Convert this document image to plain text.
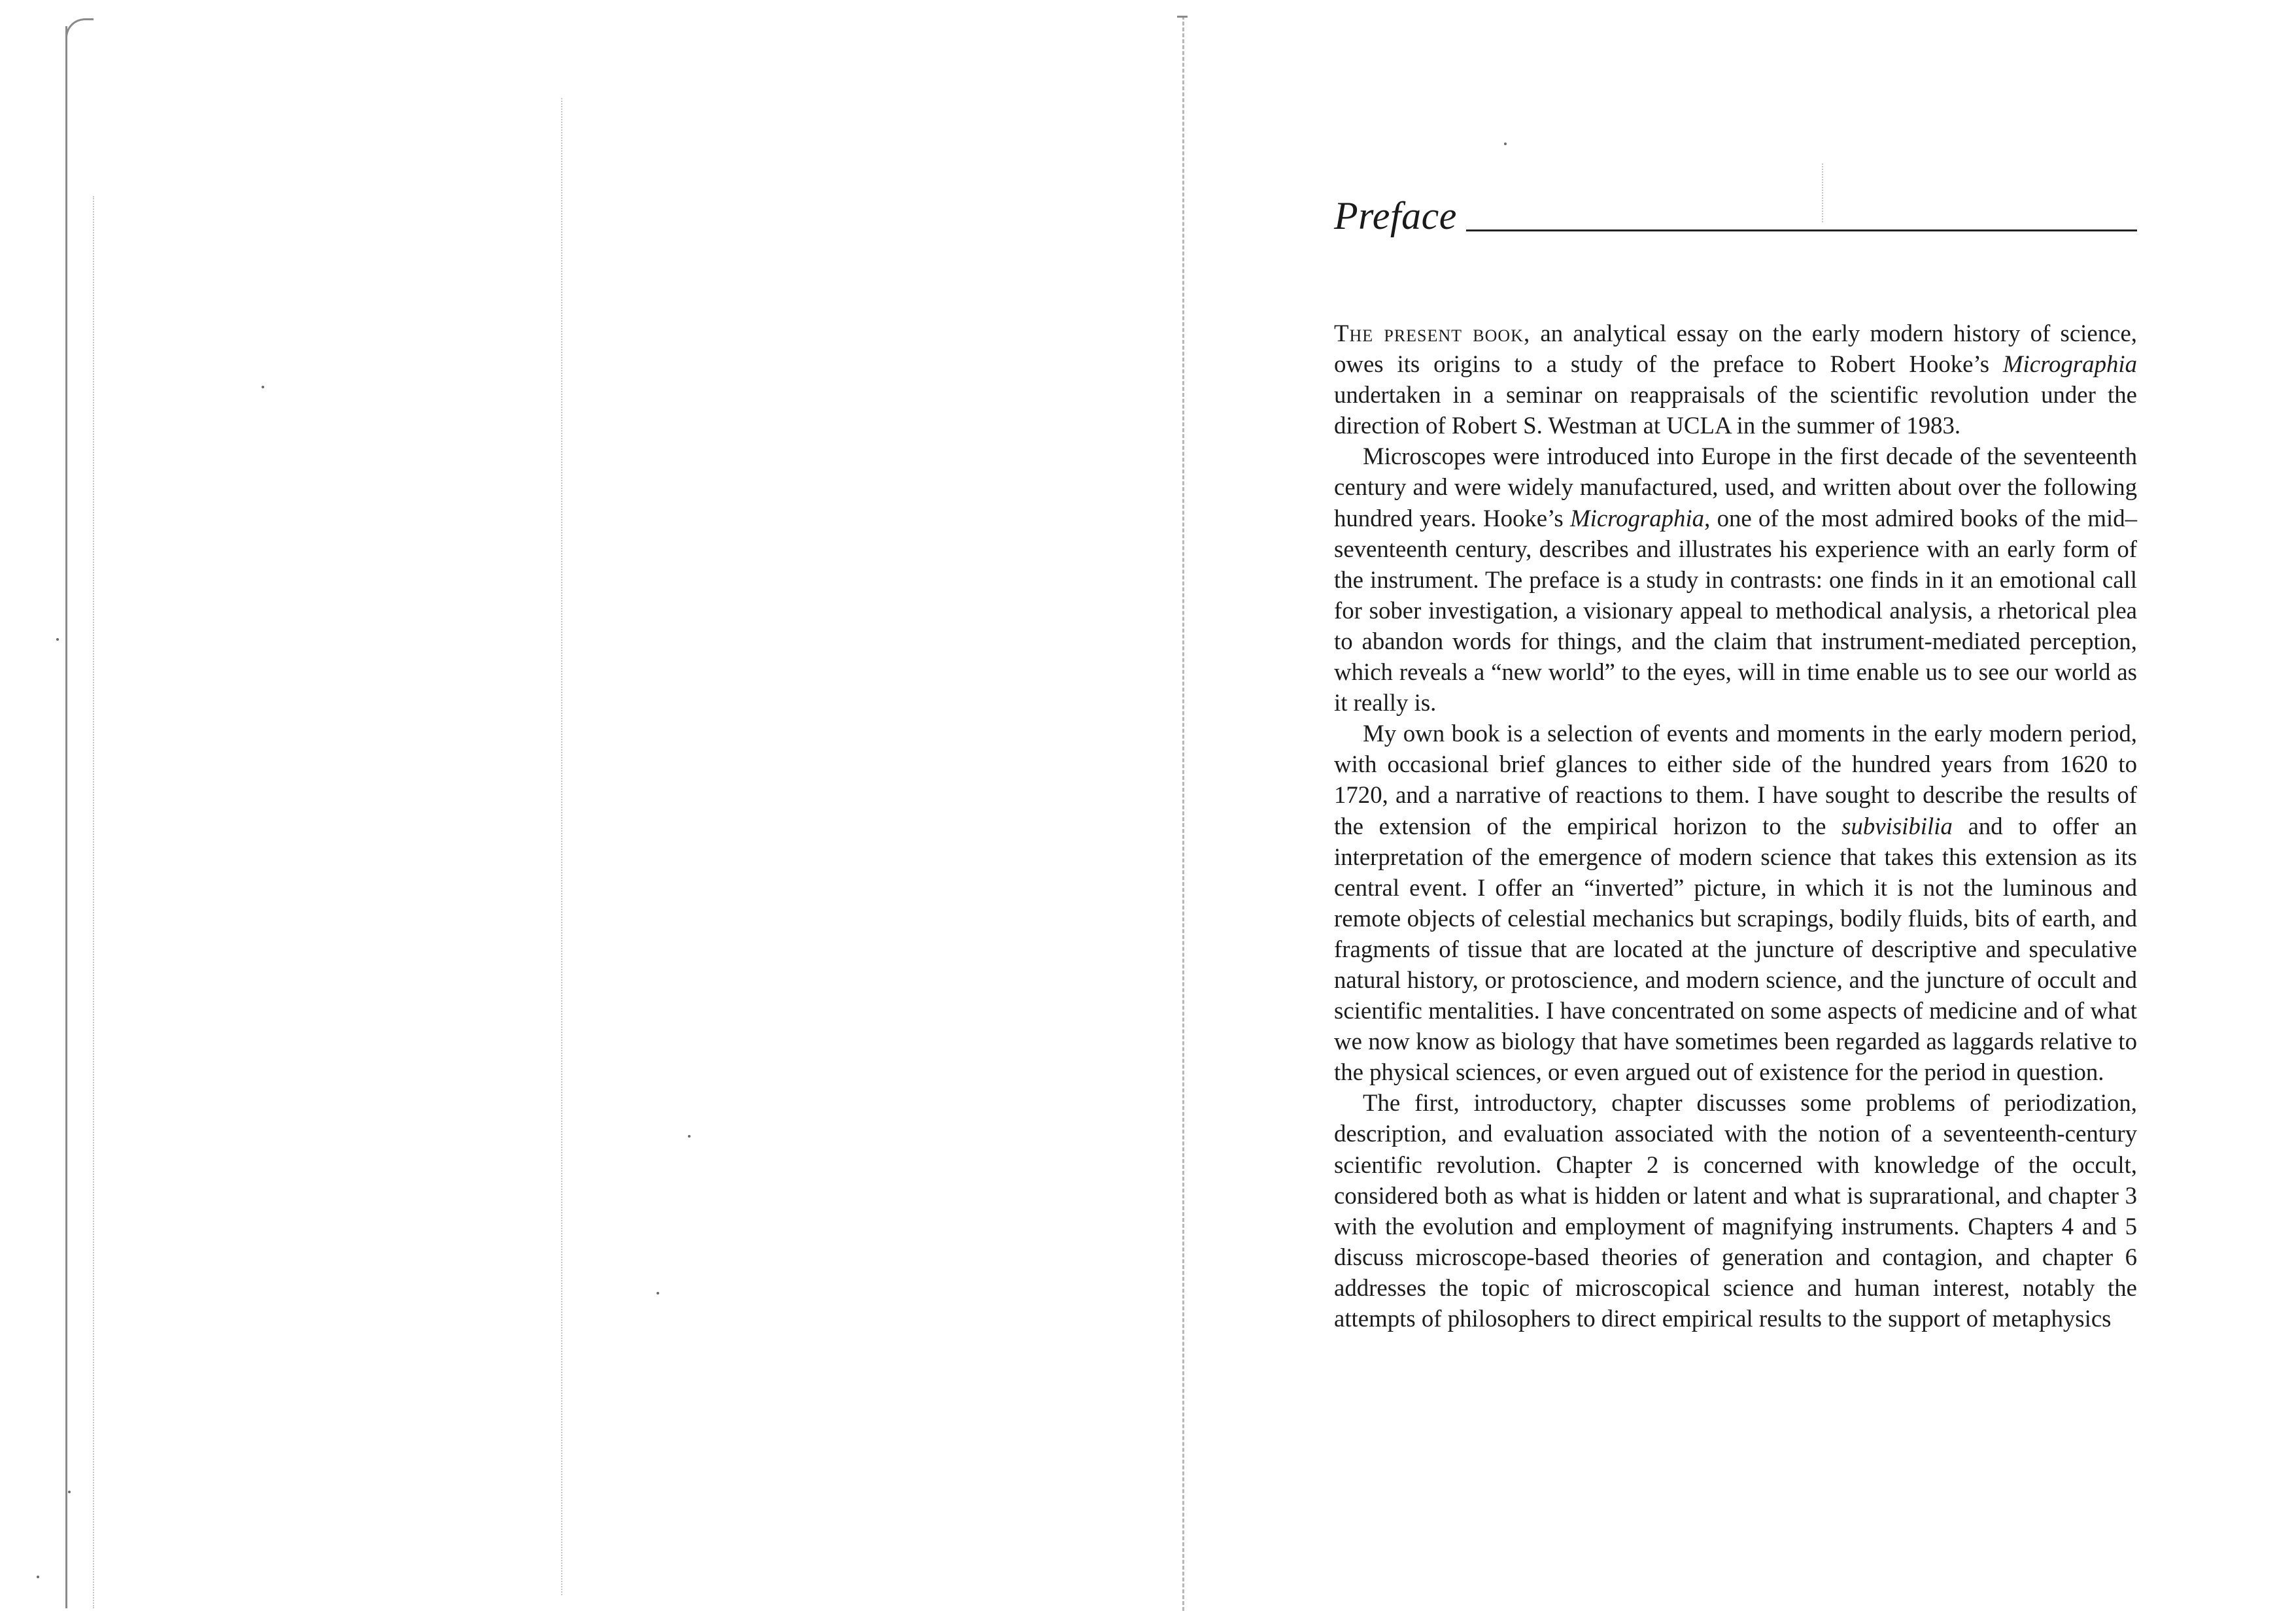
Preface

The present book, an analytical essay on the early modern history of science, owes its origins to a study of the preface to Robert Hooke’s Micrographia undertaken in a seminar on reappraisals of the scientific revolution under the direction of Robert S. Westman at UCLA in the summer of 1983.

Microscopes were introduced into Europe in the first decade of the seventeenth century and were widely manufactured, used, and written about over the following hundred years. Hooke’s Micrographia, one of the most admired books of the mid–seventeenth century, describes and illustrates his experience with an early form of the instrument. The preface is a study in contrasts: one finds in it an emotional call for sober investigation, a visionary appeal to methodical analysis, a rhetorical plea to abandon words for things, and the claim that instrument-mediated perception, which reveals a “new world” to the eyes, will in time enable us to see our world as it really is.

My own book is a selection of events and moments in the early modern period, with occasional brief glances to either side of the hundred years from 1620 to 1720, and a narrative of reactions to them. I have sought to describe the results of the extension of the empirical horizon to the subvisibilia and to offer an interpretation of the emergence of modern science that takes this extension as its central event. I offer an “inverted” picture, in which it is not the luminous and remote objects of celestial mechanics but scrapings, bodily fluids, bits of earth, and fragments of tissue that are located at the juncture of descriptive and speculative natural history, or protoscience, and modern science, and the juncture of occult and scientific mentalities. I have concentrated on some aspects of medicine and of what we now know as biology that have sometimes been regarded as laggards relative to the physical sciences, or even argued out of existence for the period in question.

The first, introductory, chapter discusses some problems of periodization, description, and evaluation associated with the notion of a seventeenth-century scientific revolution. Chapter 2 is concerned with knowledge of the occult, considered both as what is hidden or latent and what is suprarational, and chapter 3 with the evolution and employment of magnifying instruments. Chapters 4 and 5 discuss microscope-based theories of generation and contagion, and chapter 6 addresses the topic of microscopical science and human interest, notably the attempts of philosophers to direct empirical results to the support of metaphysics
